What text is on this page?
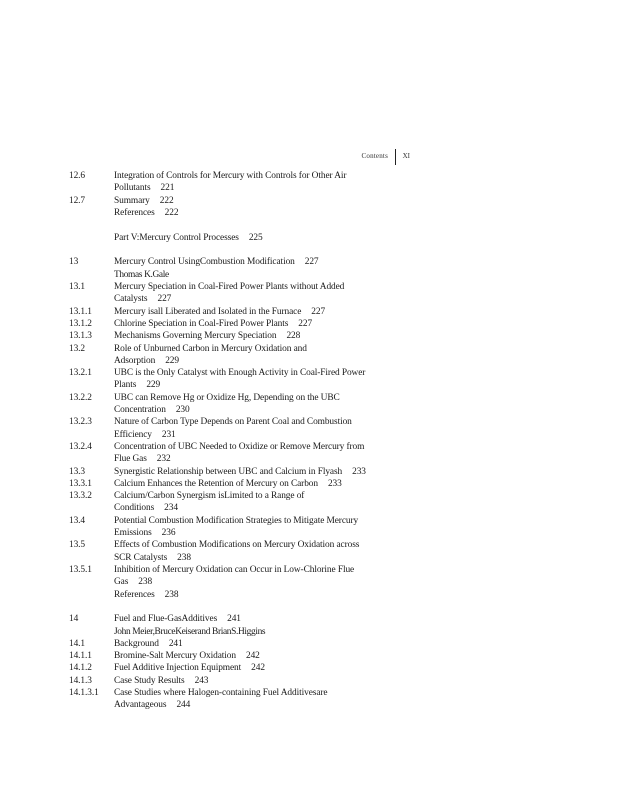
Contents XI
12.6	Integration of Controls for Mercury with Controls for Other Air
Pollutants 221
12.7	Summary 222
References 222
Part V:Mercury Control Processes 225
13	Mercury Control UsingCombustion Modification 227
Thomas K.Gale
13.1	Mercury Speciation in Coal-Fired Power Plants without Added
Catalysts 227
13.1.1 Mercury isall Liberated and Isolated in the Furnace 227
13.1.2 Chlorine Speciation in Coal-Fired Power Plants 227
13.1.3 Mechanisms Governing Mercury Speciation 228
13.2	Role of Unburned Carbon in Mercury Oxidation and
Adsorption 229
13.2.1 UBC is the Only Catalyst with Enough Activity in Coal-Fired Power
Plants 229
13.2.2 UBC can Remove Hg or Oxidize Hg, Depending on the UBC
Concentration 230
13.2.3 Nature of Carbon Type Depends on Parent Coal and Combustion
Efficiency 231
13.2.4 Concentration of UBC Needed to Oxidize or Remove Mercury from
Flue Gas 232
13.3	Synergistic Relationship between UBC and Calcium in Flyash 233
13.3.1 Calcium Enhances the Retention of Mercury on Carbon 233
13.3.2 Calcium/Carbon Synergism isLimited to a Range of
Conditions 234
13.4	Potential Combustion Modification Strategies to Mitigate Mercury
Emissions 236
13.5	Effects of Combustion Modifications on Mercury Oxidation across
SCR Catalysts 238
13.5.1 Inhibition of Mercury Oxidation can Occur in Low-Chlorine Flue
Gas 238
References 238
14	Fuel and Flue-GasAdditives 241
John Meier,BruceKeiserand BrianS.Higgins
14.1	Background 241
14.1.1 Bromine-Salt Mercury Oxidation 242
14.1.2 Fuel Additive Injection Equipment 242
14.1.3 Case Study Results 243
14.1.3.1 Case Studies where Halogen-containing Fuel Additivesare
Advantageous 244
